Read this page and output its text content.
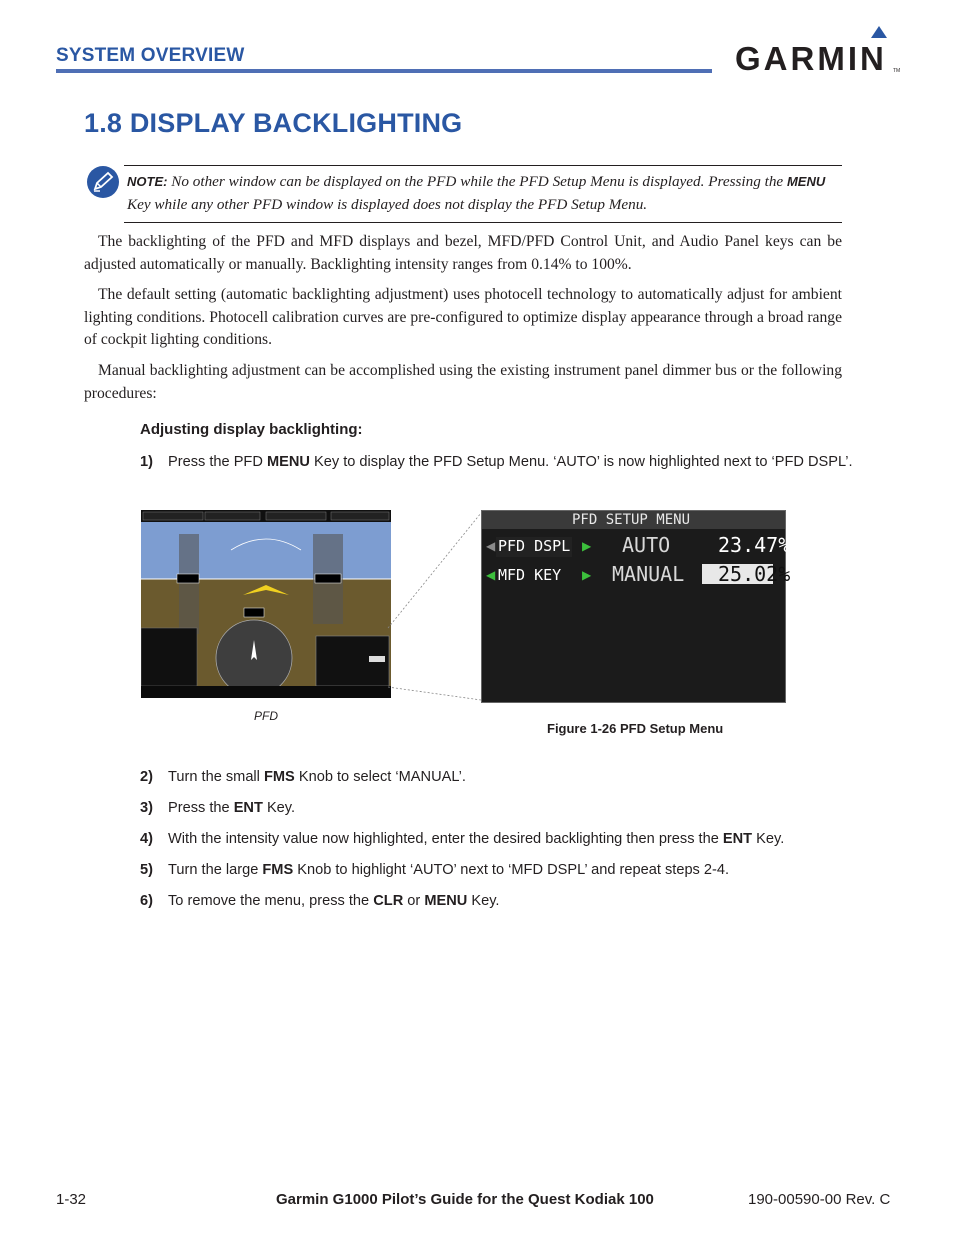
SYSTEM OVERVIEW	GARMIN TM
1.8 DISPLAY BACKLIGHTING
NOTE: No other window can be displayed on the PFD while the PFD Setup Menu is displayed. Pressing the MENU Key while any other PFD window is displayed does not display the PFD Setup Menu.
The backlighting of the PFD and MFD displays and bezel, MFD/PFD Control Unit, and Audio Panel keys can be adjusted automatically or manually. Backlighting intensity ranges from 0.14% to 100%.
The default setting (automatic backlighting adjustment) uses photocell technology to automatically adjust for ambient lighting conditions. Photocell calibration curves are pre-configured to optimize display appearance through a broad range of cockpit lighting conditions.
Manual backlighting adjustment can be accomplished using the existing instrument panel dimmer bus or the following procedures:
Adjusting display backlighting:
1) Press the PFD MENU Key to display the PFD Setup Menu. ‘AUTO’ is now highlighted next to ‘PFD DSPL’.
PFD
PFD SETUP MENU
◀ PFD DSPL ▶ AUTO 23.47%
◀ MFD KEY ▶ MANUAL 25.02%
Figure 1-26 PFD Setup Menu
2) Turn the small FMS Knob to select ‘MANUAL’.
3) Press the ENT Key.
4) With the intensity value now highlighted, enter the desired backlighting then press the ENT Key.
5) Turn the large FMS Knob to highlight ‘AUTO’ next to ‘MFD DSPL’ and repeat steps 2-4.
6) To remove the menu, press the CLR or MENU Key.
1-32	Garmin G1000 Pilot’s Guide for the Quest Kodiak 100	190-00590-00 Rev. C
